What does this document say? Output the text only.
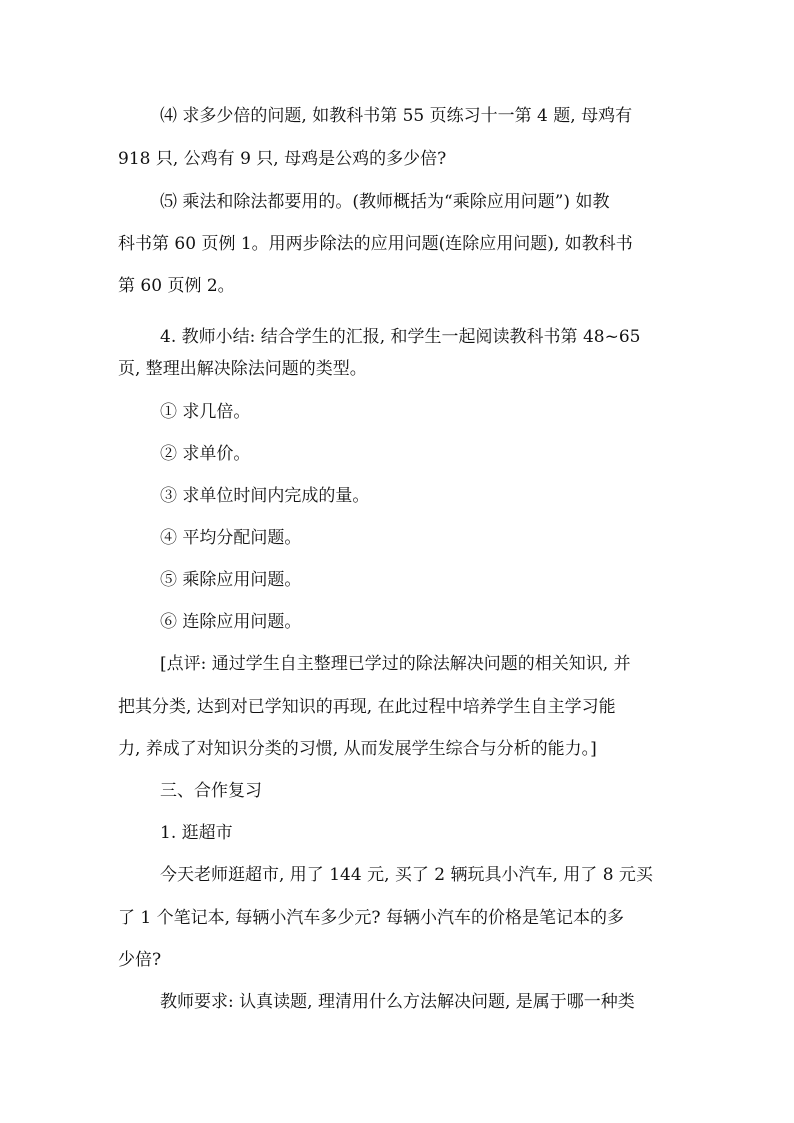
⑷ 求多少倍的问题, 如教科书第 55 页练习十一第 4 题, 母鸡有
918 只, 公鸡有 9 只, 母鸡是公鸡的多少倍?
⑸ 乘法和除法都要用的。(教师概括为“乘除应用问题”) 如教
科书第 60 页例 1。用两步除法的应用问题(连除应用问题), 如教科书
第 60 页例 2。
4. 教师小结: 结合学生的汇报, 和学生一起阅读教科书第 48~65
页, 整理出解决除法问题的类型。
① 求几倍。
② 求单价。
③ 求单位时间内完成的量。
④ 平均分配问题。
⑤ 乘除应用问题。
⑥ 连除应用问题。
[点评: 通过学生自主整理已学过的除法解决问题的相关知识, 并
把其分类, 达到对已学知识的再现, 在此过程中培养学生自主学习能
力, 养成了对知识分类的习惯, 从而发展学生综合与分析的能力。]
三、合作复习
1. 逛超市
今天老师逛超市, 用了 144 元, 买了 2 辆玩具小汽车, 用了 8 元买
了 1 个笔记本, 每辆小汽车多少元? 每辆小汽车的价格是笔记本的多
少倍?
教师要求: 认真读题, 理清用什么方法解决问题, 是属于哪一种类
